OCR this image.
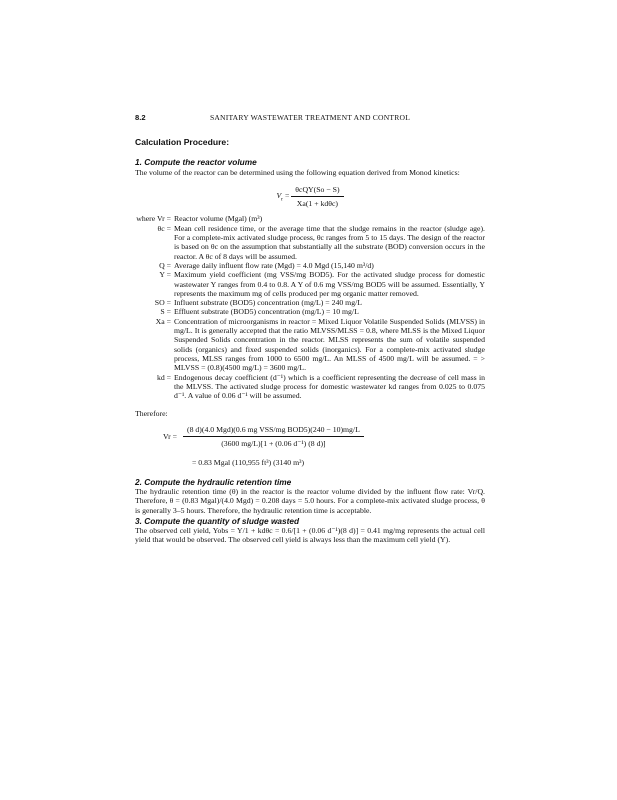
8.2	SANITARY WASTEWATER TREATMENT AND CONTROL
Calculation Procedure:
1. Compute the reactor volume

The volume of the reactor can be determined using the following equation derived from Monod kinetics:

$V_r = \frac{\text{θcQY(So − S)}}{\text{Xa(1 + kdθc)}}$
where Vr = Reactor volume (Mgal) (m³)
θc = Mean cell residence time, or the average time that the sludge remains in the reactor (sludge age). For a complete-mix activated sludge process, θc ranges from 5 to 15 days. The design of the reactor is based on θc on the assumption that substantially all the substrate (BOD) conversion occurs in the reactor. A θc of 8 days will be assumed.
Q = Average daily influent flow rate (Mgd) = 4.0 Mgd (15,140 m³/d)
Y = Maximum yield coefficient (mg VSS/mg BOD5). For the activated sludge process for domestic wastewater Y ranges from 0.4 to 0.8. A Y of 0.6 mg VSS/mg BOD5 will be assumed. Essentially, Y represents the maximum mg of cells produced per mg organic matter removed.
SO = Influent substrate (BOD5) concentration (mg/L) = 240 mg/L
S = Effluent substrate (BOD5) concentration (mg/L) = 10 mg/L
Xa = Concentration of microorganisms in reactor = Mixed Liquor Volatile Suspended Solids (MLVSS) in mg/L. It is generally accepted that the ratio MLVSS/MLSS = 0.8, where MLSS is the Mixed Liquor Suspended Solids concentration in the reactor. MLSS represents the sum of volatile suspended solids (organics) and fixed suspended solids (inorganics). For a complete-mix activated sludge process, MLSS ranges from 1000 to 6500 mg/L. An MLSS of 4500 mg/L will be assumed. = > MLVSS = (0.8)(4500 mg/L) = 3600 mg/L.
kd = Endogenous decay coefficient (d⁻¹) which is a coefficient representing the decrease of cell mass in the MLVSS. The activated sludge process for domestic wastewater kd ranges from 0.025 to 0.075 d⁻¹. A value of 0.06 d⁻¹ will be assumed.

Therefore:

$Vr = \frac{\text{(8 d)(4.0 Mgd)(0.6 mg VSS/mg BOD5)(240 − 10)mg/L}}{\text{(3600 mg/L)[1 + (0.06 d⁻¹) (8 d)]}}$
= 0.83 Mgal (110,955 ft³) (3140 m³)
2. Compute the hydraulic retention time

The hydraulic retention time (θ) in the reactor is the reactor volume divided by the influent flow rate: Vr/Q. Therefore, θ = (0.83 Mgal)/(4.0 Mgd) = 0.208 days = 5.0 hours. For a complete-mix activated sludge process, θ is generally 3–5 hours. Therefore, the hydraulic retention time is acceptable.

3. Compute the quantity of sludge wasted

The observed cell yield, Yobs = Y/1 + kdθc = 0.6/[1 + (0.06 d⁻¹)(8 d)] = 0.41 mg/mg represents the actual cell yield that would be observed. The observed cell yield is always less than the maximum cell yield (Y).
